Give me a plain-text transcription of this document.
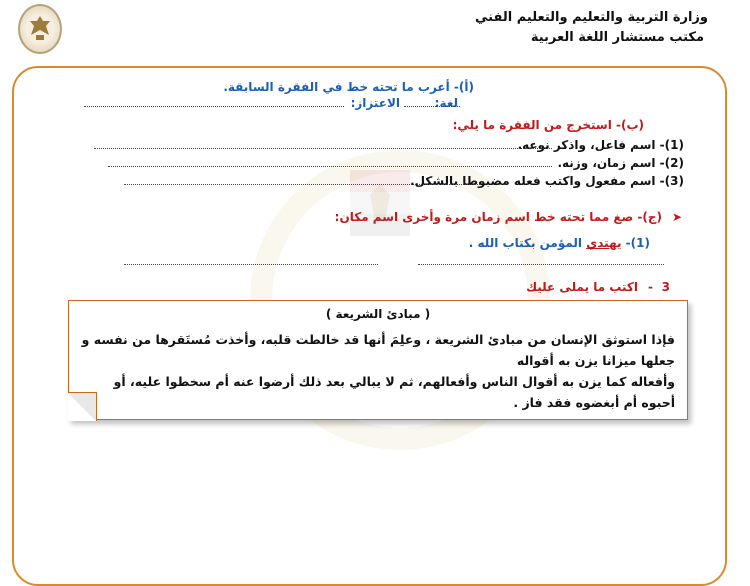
وزارة التربية والتعليم والتعليم الفني
مكتب مستشار اللغة العربية
(أ)- أعرب ما تحته خط في الفقرة السابقة.
لغة:
الاعتزاز:
(ب)- استخرج من الفقرة ما يلي:
(1)- اسم فاعل، واذكر نوعه.
(2)- اسم زمان، وزنه.
(3)- اسم مفعول واكتب فعله مضبوطا بالشكل.
➤
(ج)- صغ مما تحته خط اسم زمان مرة وأخرى اسم مكان:
(1)- يهتدي المؤمن بكتاب الله .
3
-
اكتب ما يملى عليك
( مبادئ الشريعة )
فإذا استوثق الإنسان من مبادئ الشريعة ، وعلِمَ أنها قد خالطت قلبه، وأخذت مُستَقرها من نفسه و جعلها ميزانا يزن به أقواله
وأفعاله كما يزن به أقوال الناس وأفعالهم، ثم لا يبالي بعد ذلك أرضوا عنه أم سخطوا عليه، أو أحبوه أم أبغضوه فقد فاز .
